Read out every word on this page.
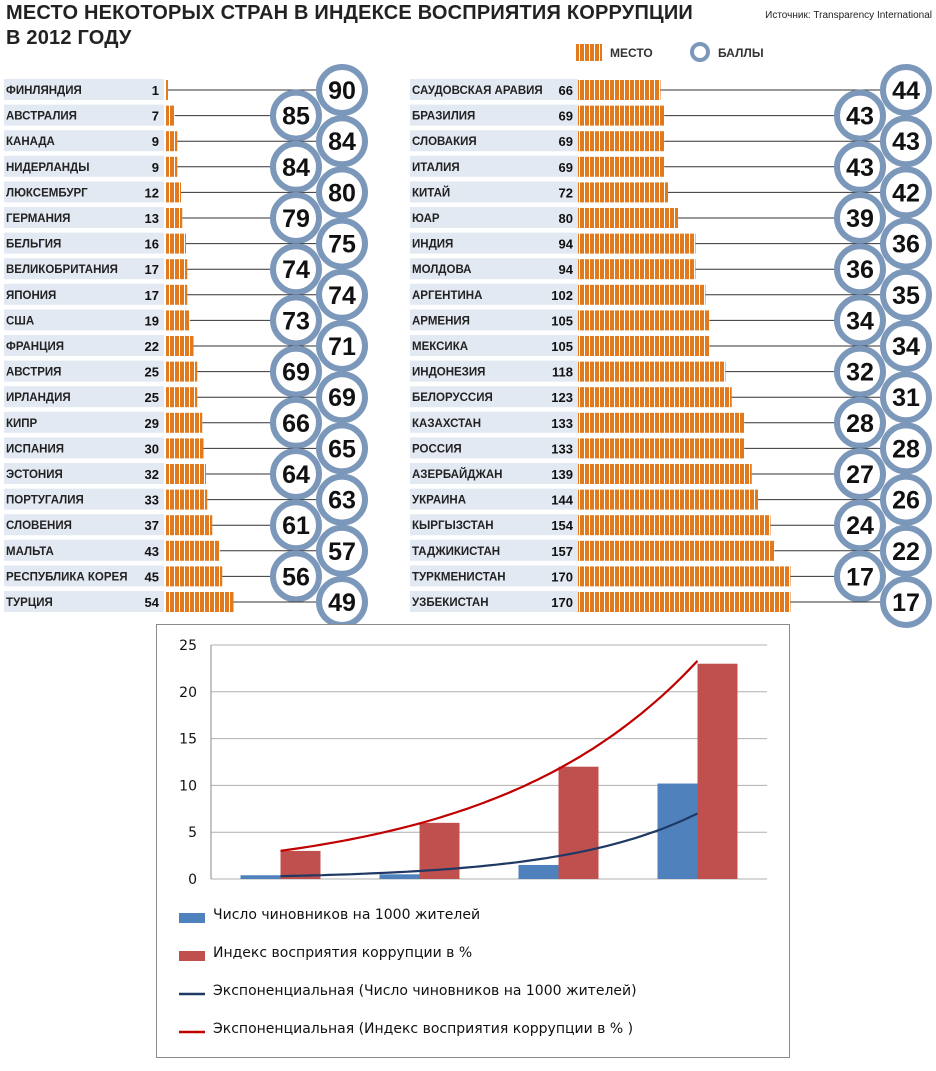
МЕСТО НЕКОТОРЫХ СТРАН В ИНДЕКСЕ ВОСПРИЯТИЯ КОРРУПЦИИ
В 2012 ГОДУ
Источник: Transparency International
МЕСТО	БАЛЛЫ
ФИНЛЯНДИЯ	1	90
АВСТРАЛИЯ	7	85
КАНАДА	9	84
НИДЕРЛАНДЫ	9	84
ЛЮКСЕМБУРГ	12	80
ГЕРМАНИЯ	13	79
БЕЛЬГИЯ	16	75
ВЕЛИКОБРИТАНИЯ 17	74
ЯПОНИЯ	17	74
США	19	73
ФРАНЦИЯ	22	71
АВСТРИЯ	25	69
ИРЛАНДИЯ	25	69
КИПР	29	66
ИСПАНИЯ	30	65
ЭСТОНИЯ	32	64
ПОРТУГАЛИЯ	33	63
СЛОВЕНИЯ	37	61
МАЛЬТА	43	57
РЕСПУБЛИКА КОРЕЯ 45	56
ТУРЦИЯ	54	49
САУДОВСКАЯ АРАВИЯ 66	44
БРАЗИЛИЯ	69	43
СЛОВАКИЯ	69	43
ИТАЛИЯ	69	43
КИТАЙ	72	42
ЮАР	80	39
ИНДИЯ	94	36
МОЛДОВА	94	36
АРГЕНТИНА	102	35
АРМЕНИЯ	105	34
МЕКСИКА	105	34
ИНДОНЕЗИЯ	118	32
БЕЛОРУССИЯ	123	31
КАЗАХСТАН	133	28
РОССИЯ	133	28
АЗЕРБАЙДЖАН	139	27
УКРАИНА	144	26
КЫРГЫЗСТАН	154	24
ТАДЖИКИСТАН	157	22
ТУРКМЕНИСТАН	170	17
УЗБЕКИСТАН	170	17
0
5
10
15
20
25
Число чиновников на 1000 жителей
Индекс восприятия коррупции в %
Экспоненциальная (Число чиновников на 1000 жителей)
Экспоненциальная (Индекс восприятия коррупции в % )
